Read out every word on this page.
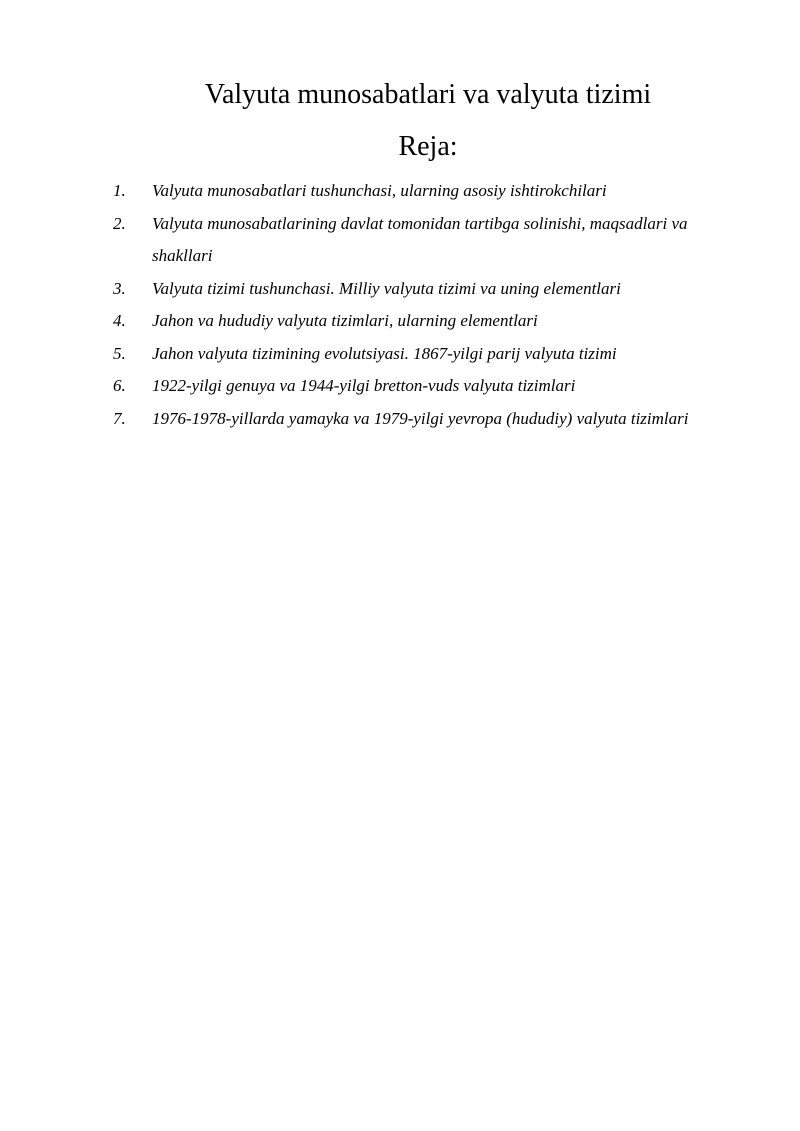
Valyuta munosabatlari va valyuta tizimi
Reja:
1.	Valyuta munosabatlari tushunchasi, ularning asosiy ishtirokchilari
2.	Valyuta munosabatlarining davlat tomonidan tartibga solinishi, maqsadlari va shakllari
3.	Valyuta tizimi tushunchasi. Milliy valyuta tizimi va uning elementlari
4.	Jahon va hududiy valyuta tizimlari, ularning elementlari
5.	Jahon valyuta tizimining evolutsiyasi. 1867-yilgi parij valyuta tizimi
6.	1922-yilgi genuya va 1944-yilgi bretton-vuds valyuta tizimlari
7.	1976-1978-yillarda yamayka va 1979-yilgi yevropa (hududiy) valyuta tizimlari
